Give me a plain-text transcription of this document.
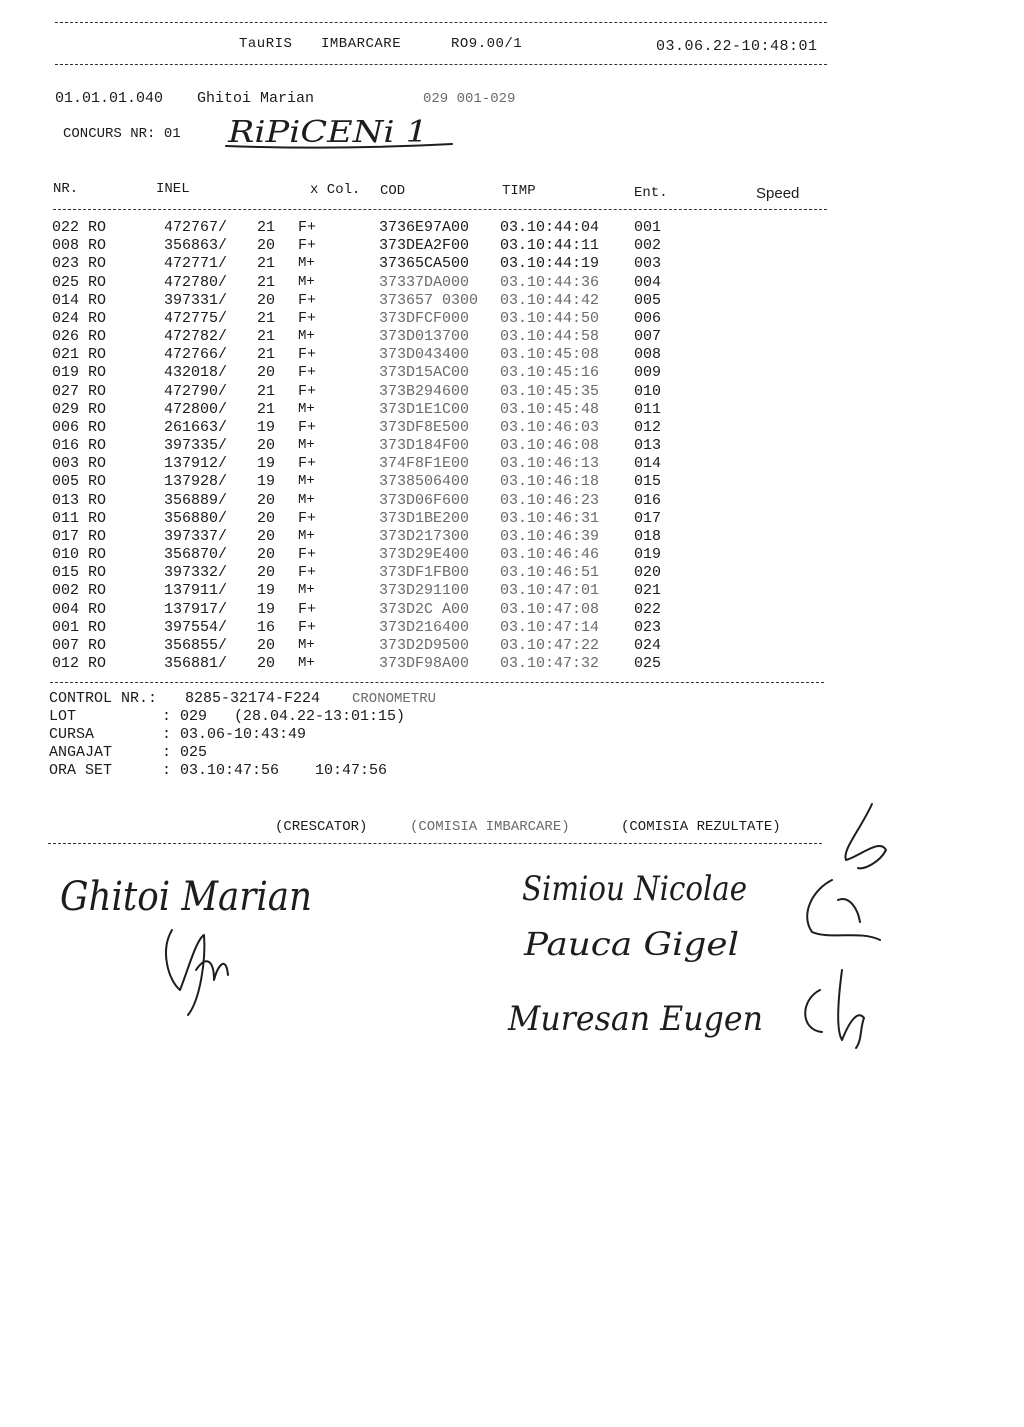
TauRIS IMBARCARE	RO9.00/1	03.06.22-10:48:01
01.01.01.040 Ghitoi Marian	029 001-029
CONCURS NR: 01 RiPiCENi 1
NR.	INEL	x Col. COD	TIMP	Ent.	Speed
022 RO	472767/ 21 F+	3736E97A00 03.10:44:04 001
008 RO	356863/ 20 F+	373DEA2F00 03.10:44:11 002
023 RO	472771/ 21 M+	37365CA500 03.10:44:19 003
025 RO	472780/ 21 M+	37337DA000 03.10:44:36 004
014 RO	397331/ 20 F+	373657 0300 03.10:44:42 005
024 RO	472775/ 21 F+	373DFCF000 03.10:44:50 006
026 RO	472782/ 21 M+	373D013700 03.10:44:58 007
021 RO	472766/ 21 F+	373D043400 03.10:45:08 008
019 RO	432018/ 20 F+	373D15AC00 03.10:45:16 009
027 RO	472790/ 21 F+	373B294600 03.10:45:35 010
029 RO	472800/ 21 M+	373D1E1C00 03.10:45:48 011
006 RO	261663/ 19 F+	373DF8E500 03.10:46:03 012
016 RO	397335/ 20 M+	373D184F00 03.10:46:08 013
003 RO	137912/ 19 F+	374F8F1E00 03.10:46:13 014
005 RO	137928/ 19 M+	3738506400 03.10:46:18 015
013 RO	356889/ 20 M+	373D06F600 03.10:46:23 016
011 RO	356880/ 20 F+	373D1BE200 03.10:46:31 017
017 RO	397337/ 20 M+	373D217300 03.10:46:39 018
010 RO	356870/ 20 F+	373D29E400 03.10:46:46 019
015 RO	397332/ 20 F+	373DF1FB00 03.10:46:51 020
002 RO	137911/ 19 M+	373D291100 03.10:47:01 021
004 RO	137917/ 19 F+	373D2C A00 03.10:47:08 022
001 RO	397554/ 16 F+	373D216400 03.10:47:14 023
007 RO	356855/ 20 M+	373D2D9500 03.10:47:22 024
012 RO	356881/ 20 M+	373DF98A00 03.10:47:32 025
CONTROL NR.: 8285-32174-F224 CRONOMETRU
LOT	: 029   (28.04.22-13:01:15)
CURSA	: 03.06-10:43:49
ANGAJAT	: 025
ORA SET	: 03.10:47:56    10:47:56
(CRESCATOR)	(COMISIA IMBARCARE)	(COMISIA REZULTATE)
Ghitoi Marian	Simiou Nicolae
Pauca Gigel
Muresan Eugen
